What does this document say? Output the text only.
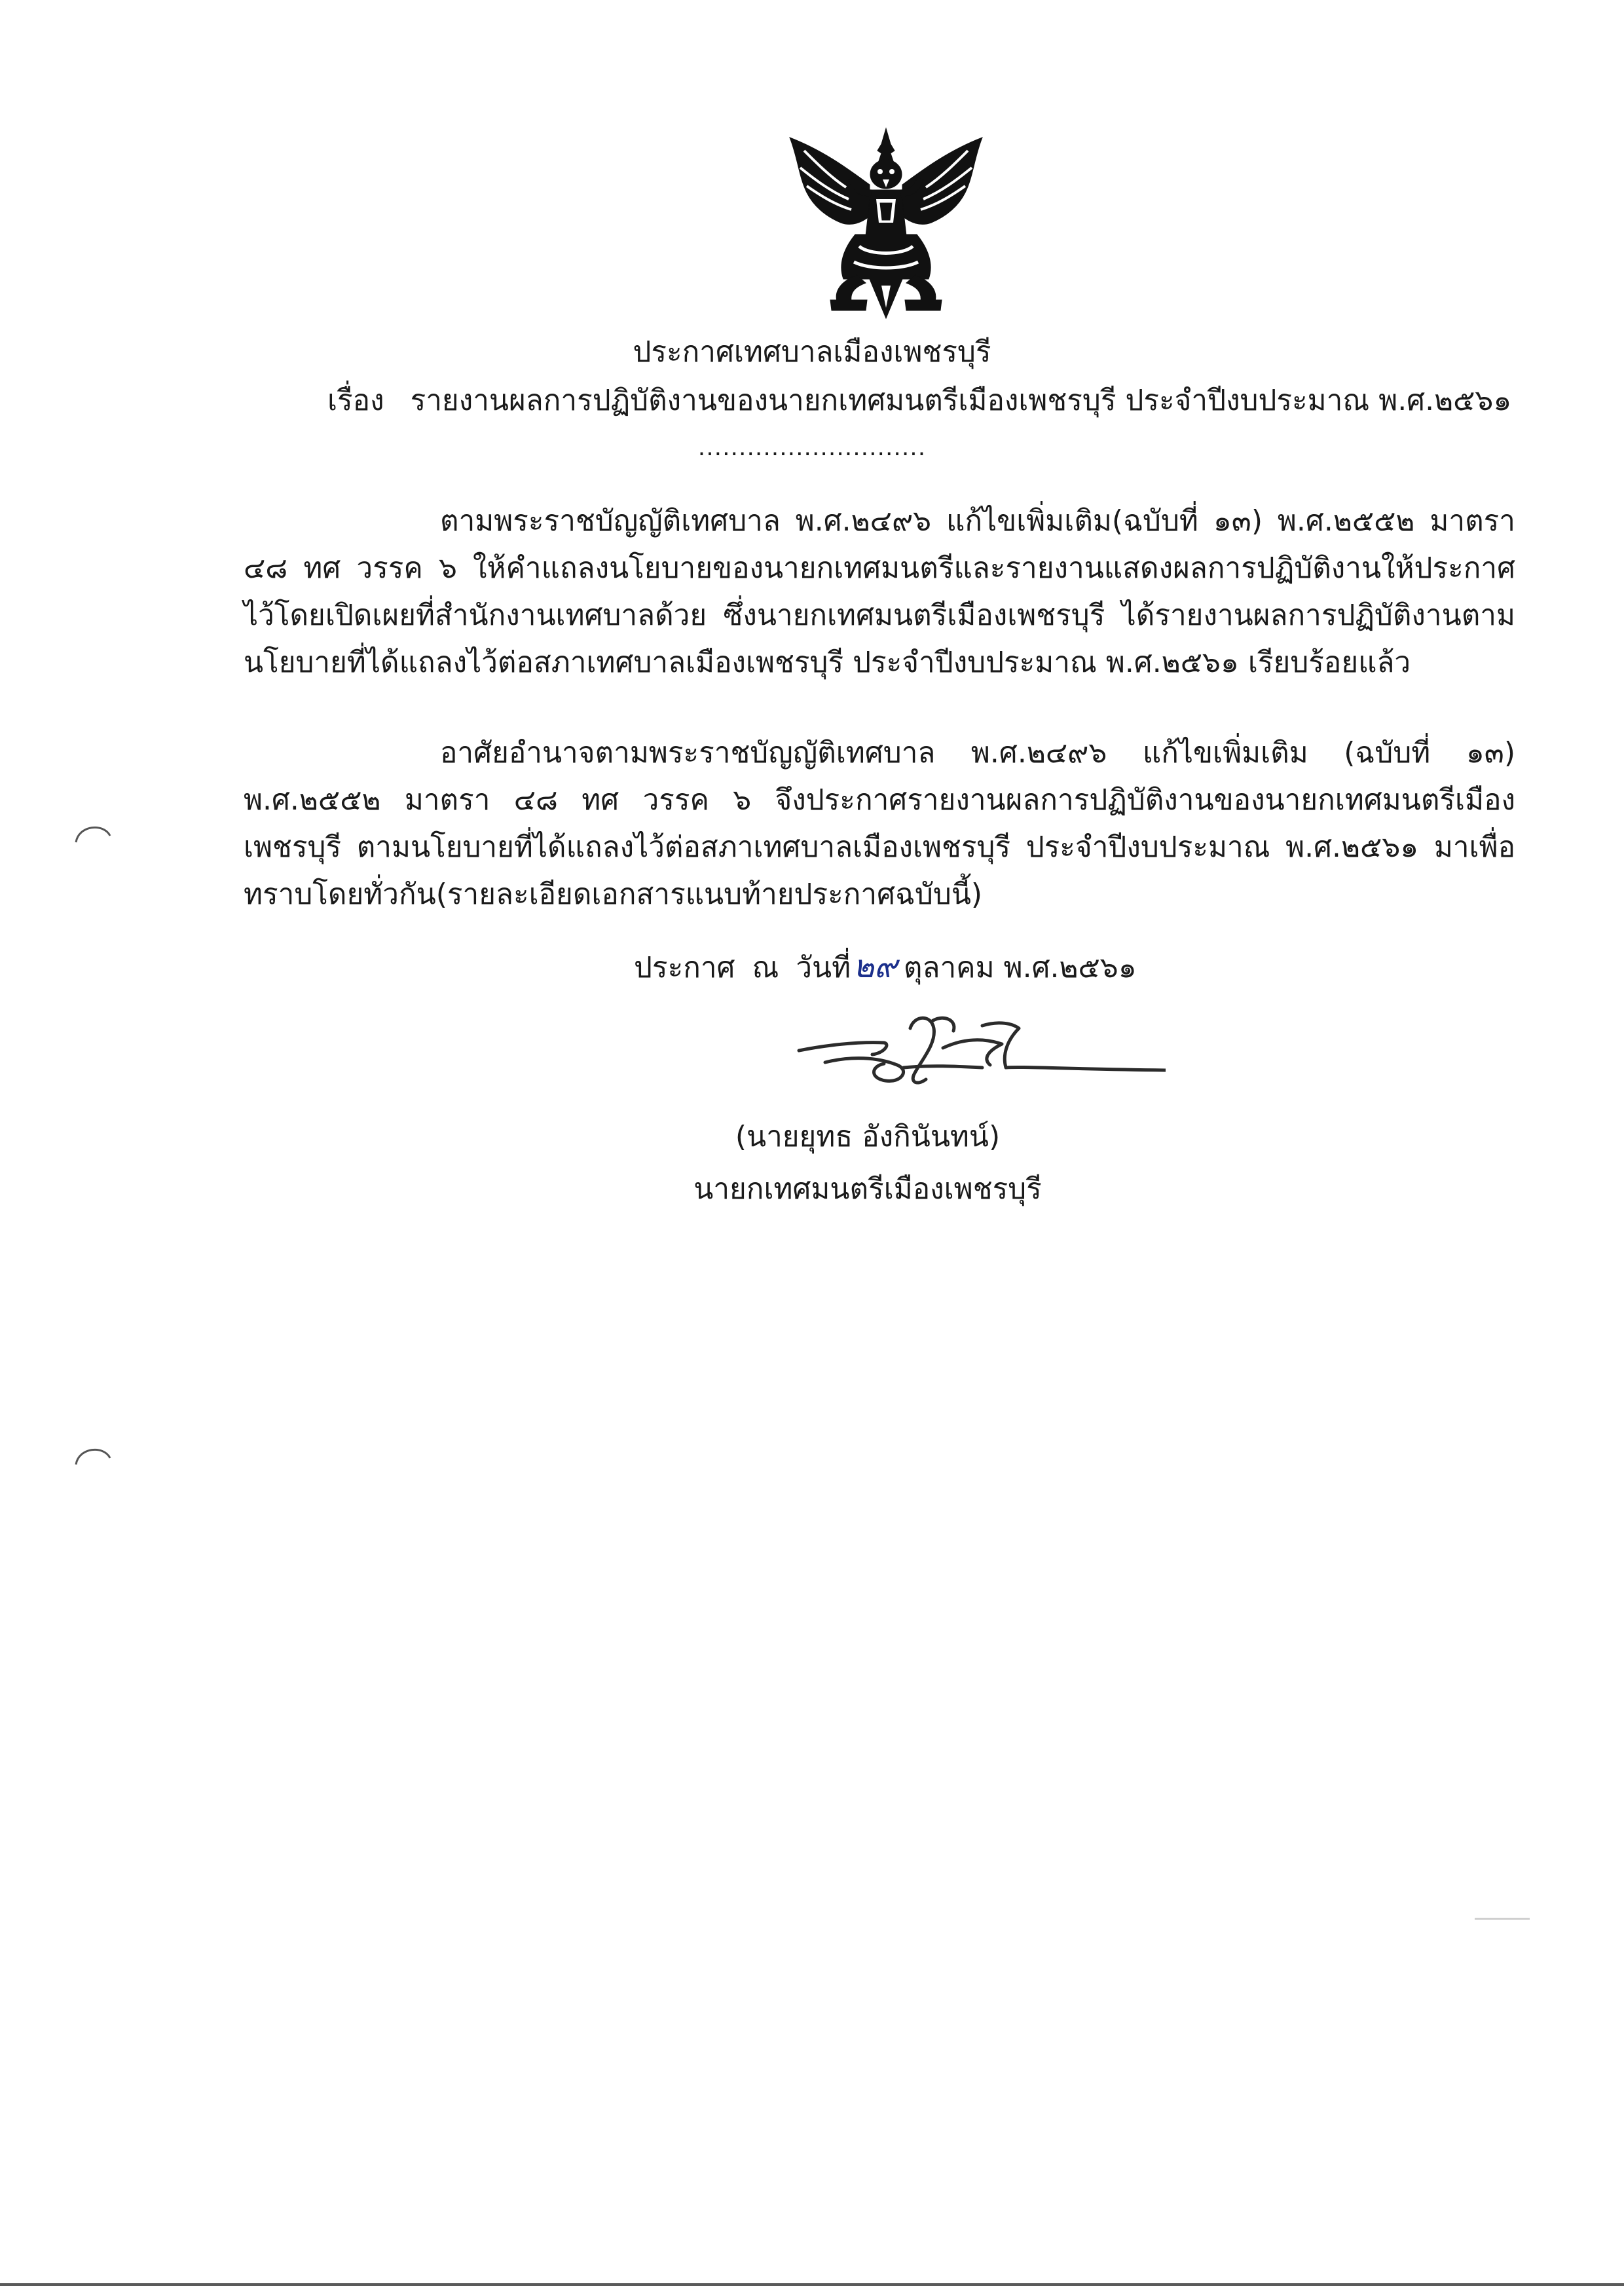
ประกาศเทศบาลเมืองเพชรบุรี
เรื่อง รายงานผลการปฏิบัติงานของนายกเทศมนตรีเมืองเพชรบุรี ประจำปีงบประมาณ พ.ศ.๒๕๖๑
............................
ตามพระราชบัญญัติเทศบาล พ.ศ.๒๔๙๖ แก้ไขเพิ่มเติม(ฉบับที่ ๑๓) พ.ศ.๒๕๕๒ มาตรา ๔๘ ทศ วรรค ๖ ให้คำแถลงนโยบายของนายกเทศมนตรีและรายงานแสดงผลการปฏิบัติงานให้ประกาศไว้โดยเปิดเผยที่สำนักงานเทศบาลด้วย ซึ่งนายกเทศมนตรีเมืองเพชรบุรี ได้รายงานผลการปฏิบัติงานตามนโยบายที่ได้แถลงไว้ต่อสภาเทศบาลเมืองเพชรบุรี ประจำปีงบประมาณ พ.ศ.๒๕๖๑ เรียบร้อยแล้ว
อาศัยอำนาจตามพระราชบัญญัติเทศบาล พ.ศ.๒๔๙๖ แก้ไขเพิ่มเติม (ฉบับที่ ๑๓) พ.ศ.๒๕๕๒ มาตรา ๔๘ ทศ วรรค ๖ จึงประกาศรายงานผลการปฏิบัติงานของนายกเทศมนตรีเมืองเพชรบุรี ตามนโยบายที่ได้แถลงไว้ต่อสภาเทศบาลเมืองเพชรบุรี ประจำปีงบประมาณ พ.ศ.๒๕๖๑ มาเพื่อทราบโดยทั่วกัน(รายละเอียดเอกสารแนบท้ายประกาศฉบับนี้)
ประกาศ ณ วันที่๒๙ ตุลาคม พ.ศ.๒๕๖๑
(นายยุทธ อังกินันทน์)
นายกเทศมนตรีเมืองเพชรบุรี
